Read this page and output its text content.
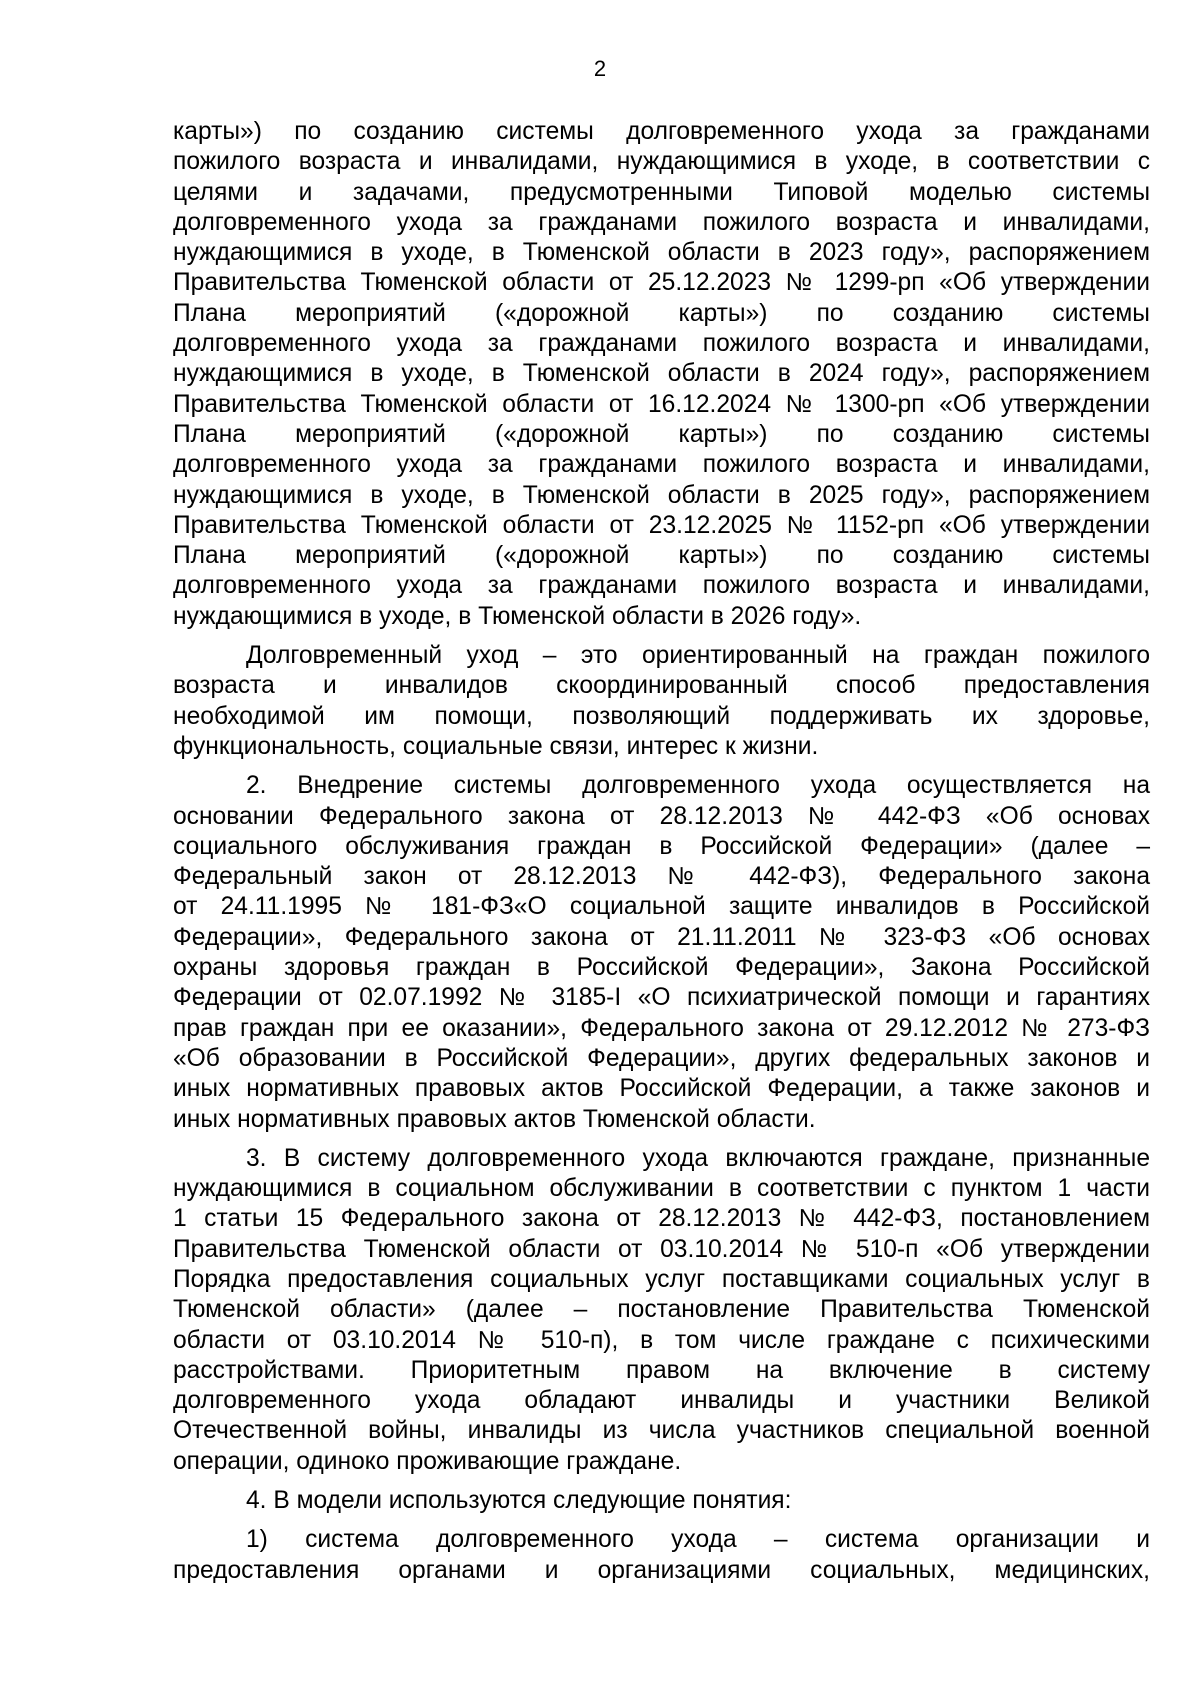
2
карты») по созданию системы долговременного ухода за гражданами
пожилого возраста и инвалидами, нуждающимися в уходе, в соответствии с
целями и задачами, предусмотренными Типовой моделью системы
долговременного ухода за гражданами пожилого возраста и инвалидами,
нуждающимися в уходе, в Тюменской области в 2023 году», распоряжением
Правительства Тюменской области от 25.12.2023 № 1299-рп «Об утверждении
Плана мероприятий («дорожной карты») по созданию системы
долговременного ухода за гражданами пожилого возраста и инвалидами,
нуждающимися в уходе, в Тюменской области в 2024 году», распоряжением
Правительства Тюменской области от 16.12.2024 № 1300-рп «Об утверждении
Плана мероприятий («дорожной карты») по созданию системы
долговременного ухода за гражданами пожилого возраста и инвалидами,
нуждающимися в уходе, в Тюменской области в 2025 году», распоряжением
Правительства Тюменской области от 23.12.2025 № 1152-рп «Об утверждении
Плана мероприятий («дорожной карты») по созданию системы
долговременного ухода за гражданами пожилого возраста и инвалидами,
нуждающимися в уходе, в Тюменской области в 2026 году».
Долговременный уход – это ориентированный на граждан пожилого
возраста и инвалидов скоординированный способ предоставления
необходимой им помощи, позволяющий поддерживать их здоровье,
функциональность, социальные связи, интерес к жизни.
2. Внедрение системы долговременного ухода осуществляется на
основании Федерального закона от 28.12.2013 № 442-ФЗ «Об основах
социального обслуживания граждан в Российской Федерации» (далее –
Федеральный закон от 28.12.2013 № 442-ФЗ), Федерального закона
от 24.11.1995 № 181-ФЗ«О социальной защите инвалидов в Российской
Федерации», Федерального закона от 21.11.2011 № 323-ФЗ «Об основах
охраны здоровья граждан в Российской Федерации», Закона Российской
Федерации от 02.07.1992 № 3185-I «О психиатрической помощи и гарантиях
прав граждан при ее оказании», Федерального закона от 29.12.2012 № 273-ФЗ
«Об образовании в Российской Федерации», других федеральных законов и
иных нормативных правовых актов Российской Федерации, а также законов и
иных нормативных правовых актов Тюменской области.
3. В систему долговременного ухода включаются граждане, признанные
нуждающимися в социальном обслуживании в соответствии с пунктом 1 части
1 статьи 15 Федерального закона от 28.12.2013 № 442-ФЗ, постановлением
Правительства Тюменской области от 03.10.2014 № 510-п «Об утверждении
Порядка предоставления социальных услуг поставщиками социальных услуг в
Тюменской области» (далее – постановление Правительства Тюменской
области от 03.10.2014 № 510-п), в том числе граждане с психическими
расстройствами. Приоритетным правом на включение в систему
долговременного ухода обладают инвалиды и участники Великой
Отечественной войны, инвалиды из числа участников специальной военной
операции, одиноко проживающие граждане.
4. В модели используются следующие понятия:
1) система долговременного ухода – система организации и
предоставления органами и организациями социальных, медицинских,
